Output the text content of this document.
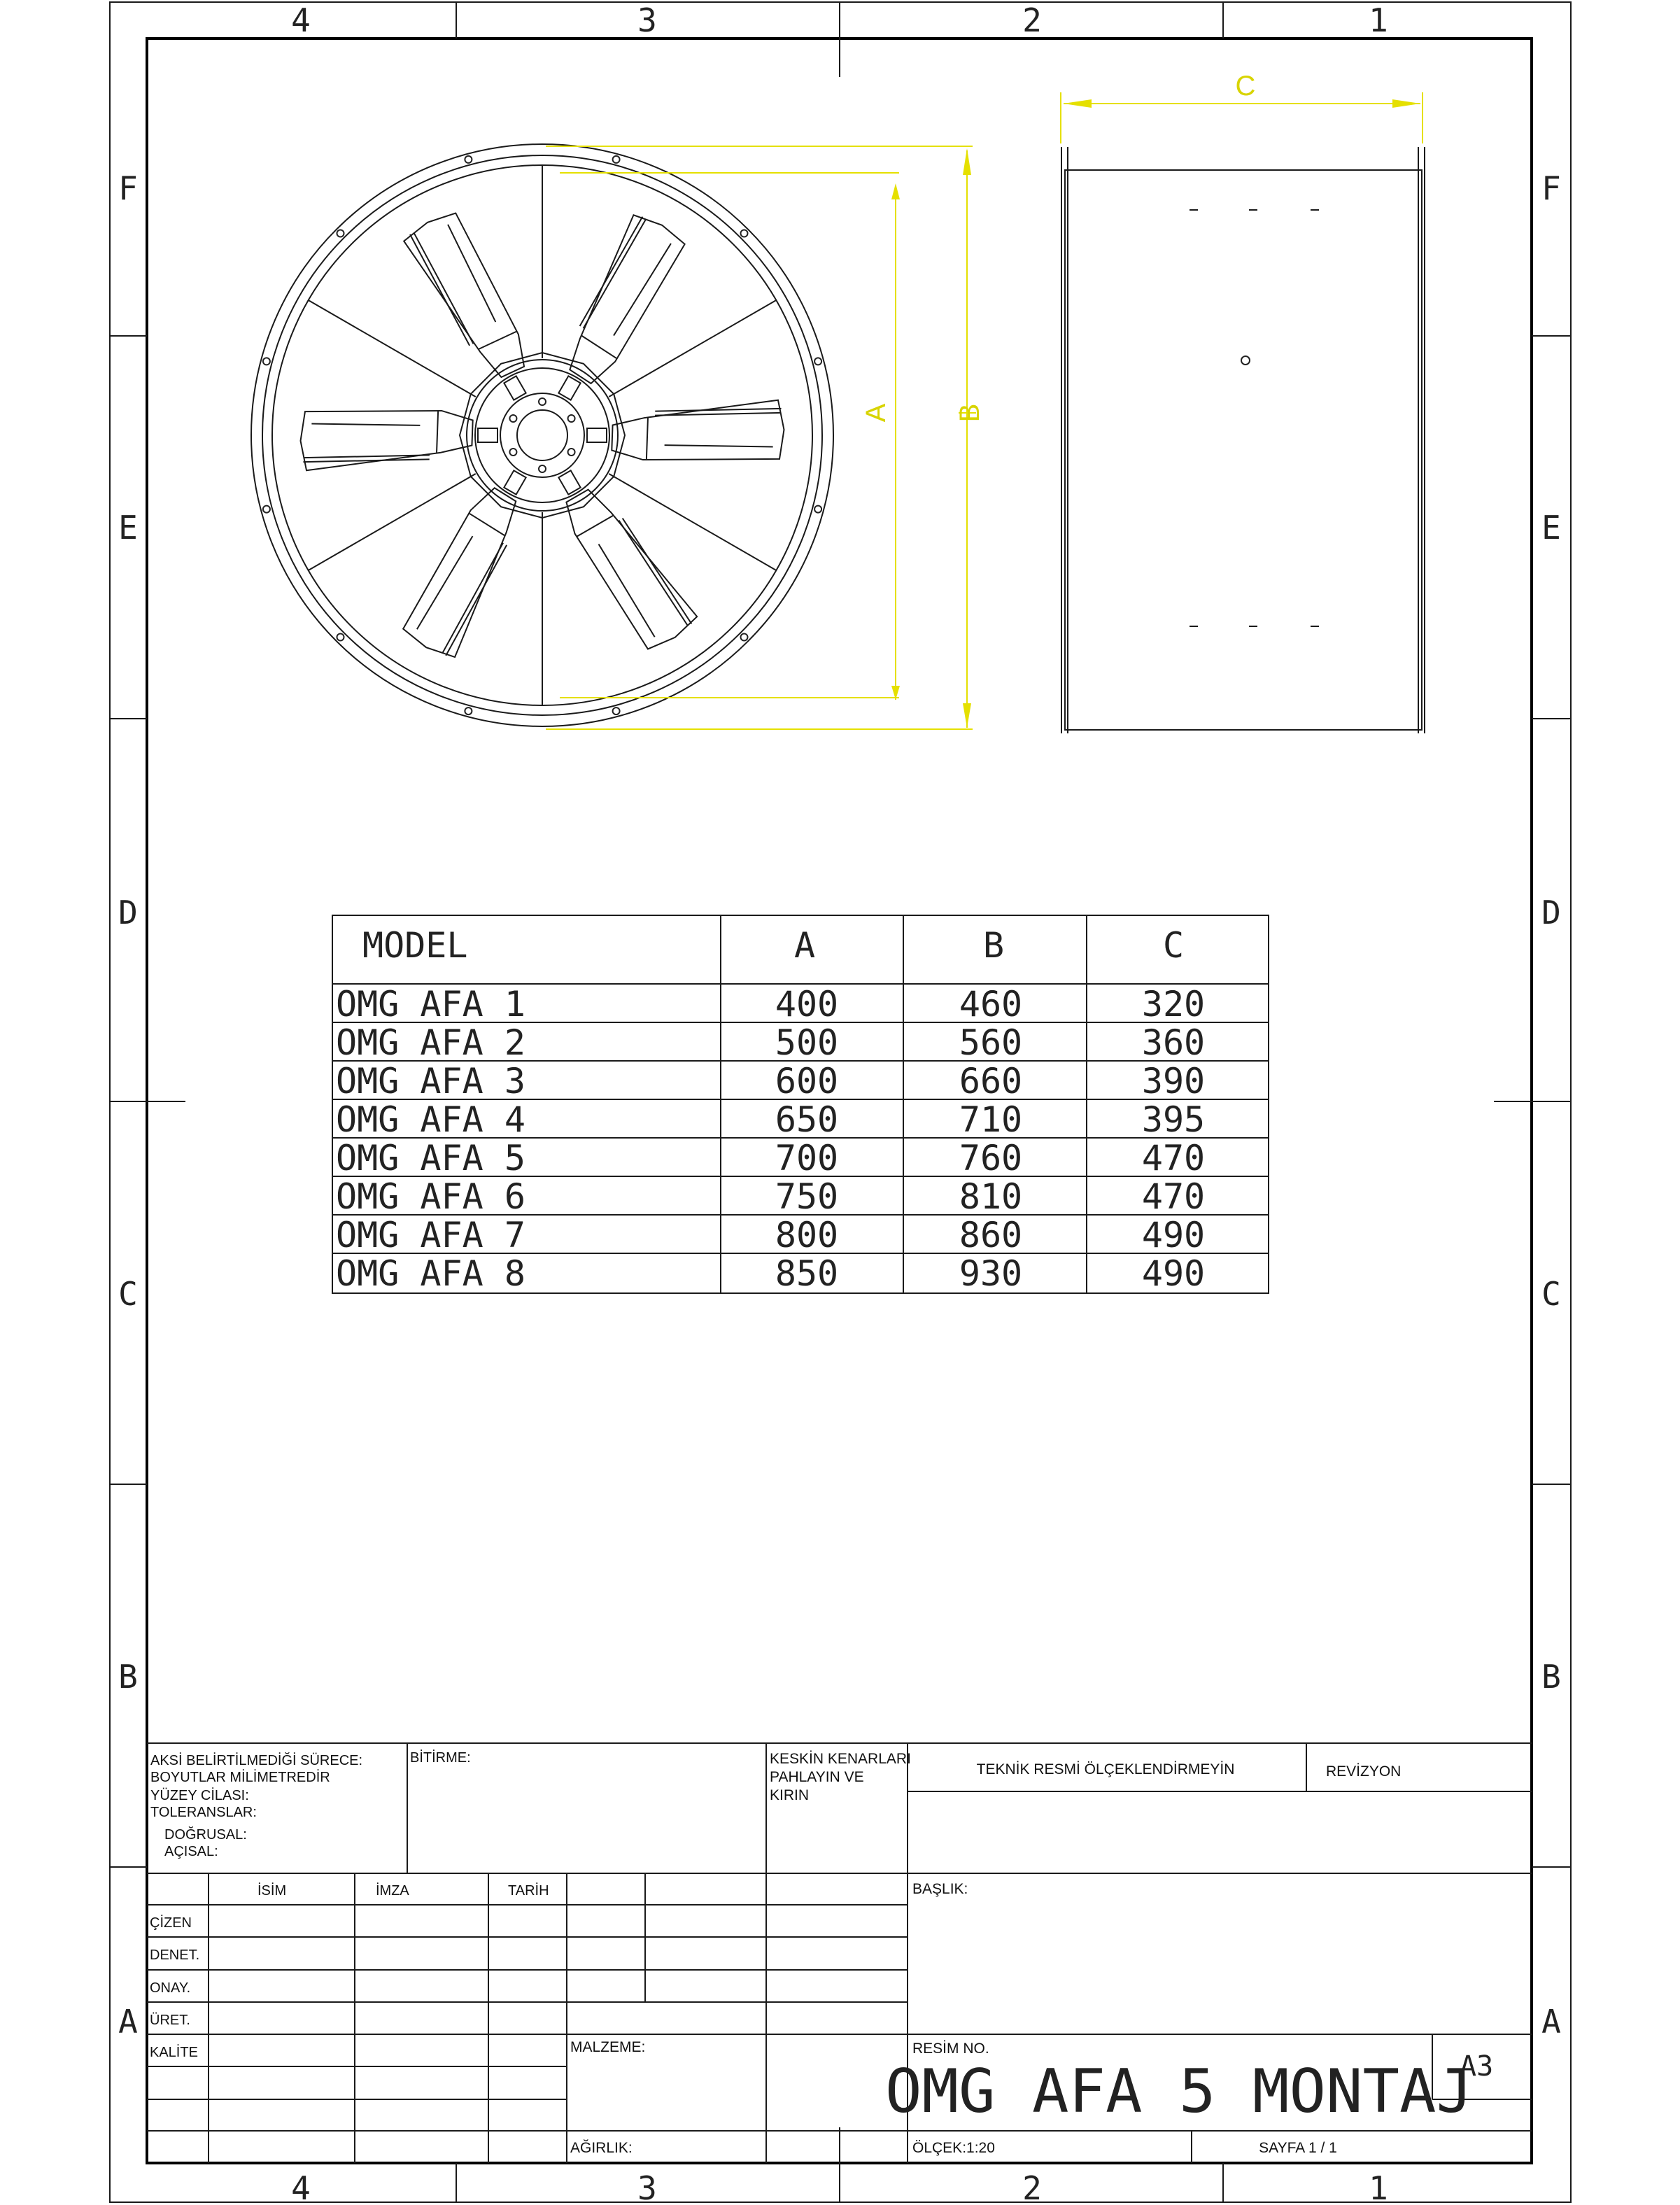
4	3	2	1
4	3	2	1
F
E
D
C
B
A
F
E
D
C
B
A
A B
C
MODEL	A	B	C
OMG AFA 1	400	460	320
OMG AFA 2	500	560	360
OMG AFA 3	600	660	390
OMG AFA 4	650	710	395
OMG AFA 5	700	760	470
OMG AFA 6	750	810	470
OMG AFA 7	800	860	490
OMG AFA 8	850	930	490
AKSİ BELİRTİLMEDİĞİ SÜRECE:
BOYUTLAR MİLİMETREDİR
YÜZEY CİLASI:
TOLERANSLAR:
DOĞRUSAL:
AÇISAL:
BİTİRME:	KESKİN KENARLARI
PAHLAYIN VE
KIRIN
TEKNİK RESMİ ÖLÇEKLENDİRMEYİN	REVİZYON
İSİM	İMZA	TARİH
ÇİZEN
DENET.
ONAY.
ÜRET.
KALİTE
BAŞLIK:
MALZEME:	RESİM NO.
OMG AFA 5 MONTAJ
A3
AĞIRLIK:	ÖLÇEK:1:20	SAYFA 1 / 1
